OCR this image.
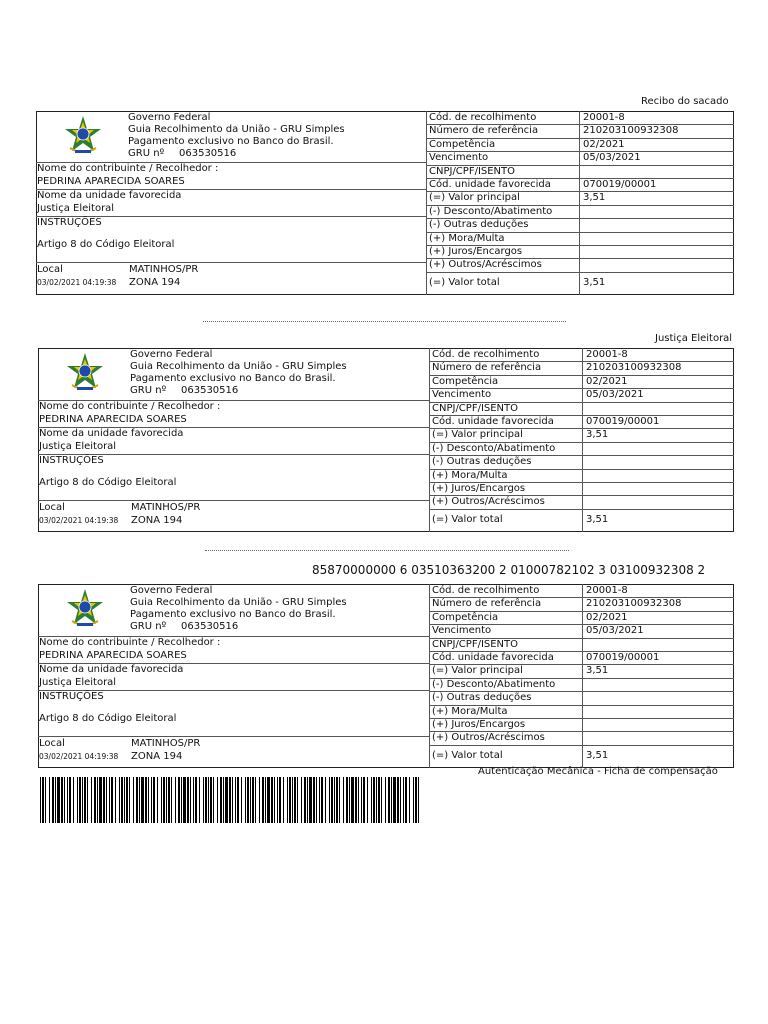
Recibo do sacado
Cód. de recolhimento	20001-8
Número de referência	210203100932308
Competência	02/2021
Vencimento	05/03/2021
CNPJ/CPF/ISENTO
Cód. unidade favorecida	070019/00001
(=) Valor principal	3,51
(-) Desconto/Abatimento
(-) Outras deduções
(+) Mora/Multa
(+) Juros/Encargos
(+) Outros/Acréscimos
(=) Valor total	3,51
Governo Federal
Guia Recolhimento da União - GRU Simples
Pagamento exclusivo no Banco do Brasil.
GRU nº 063530516
Nome do contribuinte / Recolhedor :
PEDRINA APARECIDA SOARES
Nome da unidade favorecida
Justiça Eleitoral
INSTRUÇÕES
Artigo 8 do Código Eleitoral
Local	MATINHOS/PR
03/02/2021 04:19:38 ZONA 194
Justiça Eleitoral
Cód. de recolhimento	20001-8
Número de referência	210203100932308
Competência	02/2021
Vencimento	05/03/2021
CNPJ/CPF/ISENTO
Cód. unidade favorecida	070019/00001
(=) Valor principal	3,51
(-) Desconto/Abatimento
(-) Outras deduções
(+) Mora/Multa
(+) Juros/Encargos
(+) Outros/Acréscimos
(=) Valor total	3,51
Governo Federal
Guia Recolhimento da União - GRU Simples
Pagamento exclusivo no Banco do Brasil.
GRU nº 063530516
Nome do contribuinte / Recolhedor :
PEDRINA APARECIDA SOARES
Nome da unidade favorecida
Justiça Eleitoral
INSTRUÇÕES
Artigo 8 do Código Eleitoral
Local	MATINHOS/PR
03/02/2021 04:19:38 ZONA 194
85870000000 6 03510363200 2 01000782102 3 03100932308 2
Cód. de recolhimento	20001-8
Número de referência	210203100932308
Competência	02/2021
Vencimento	05/03/2021
CNPJ/CPF/ISENTO
Cód. unidade favorecida	070019/00001
(=) Valor principal	3,51
(-) Desconto/Abatimento
(-) Outras deduções
(+) Mora/Multa
(+) Juros/Encargos
(+) Outros/Acréscimos
(=) Valor total	3,51
Governo Federal
Guia Recolhimento da União - GRU Simples
Pagamento exclusivo no Banco do Brasil.
GRU nº 063530516
Nome do contribuinte / Recolhedor :
PEDRINA APARECIDA SOARES
Nome da unidade favorecida
Justiça Eleitoral
INSTRUÇÕES
Artigo 8 do Código Eleitoral
Local	MATINHOS/PR
03/02/2021 04:19:38 ZONA 194
Autenticação Mecânica - Ficha de compensação
